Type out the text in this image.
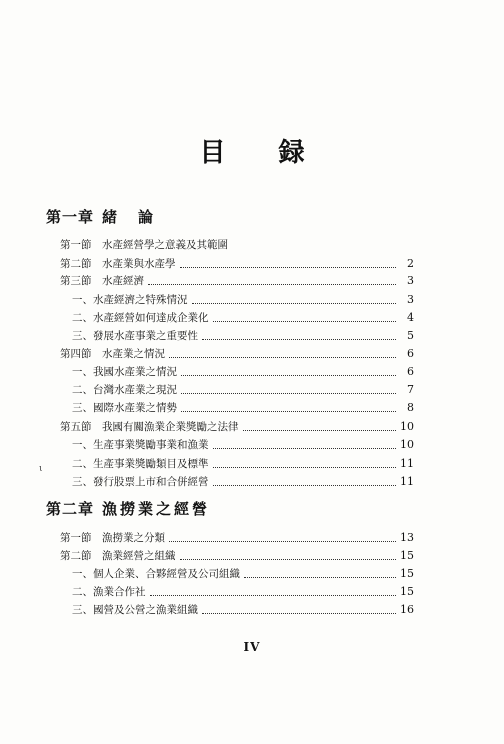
目 録
第一章 緒　論
第一節 水產經營學之意義及其範圍
第二節 水產業與水產學	2
第三節 水產經濟	3
一、水產經濟之特殊情況	3
二、水產經營如何達成企業化	4
三、發展水產事業之重要性	5
第四節 水產業之情況	6
一、我國水產業之情況	6
二、台灣水產業之現況	7
三、國際水產業之情勢	8
第五節 我國有關漁業企業獎勵之法律	10
一、生產事業獎勵事業和漁業	10
二、生產事業獎勵類目及標準	11
三、發行股票上市和合併經營	11
第二章 漁撈業之經營
第一節 漁撈業之分類	13
第二節 漁業經營之組織	15
一、個人企業、合夥經營及公司組織	15
二、漁業合作社	15
三、國營及公營之漁業組織	16
ι
IV
